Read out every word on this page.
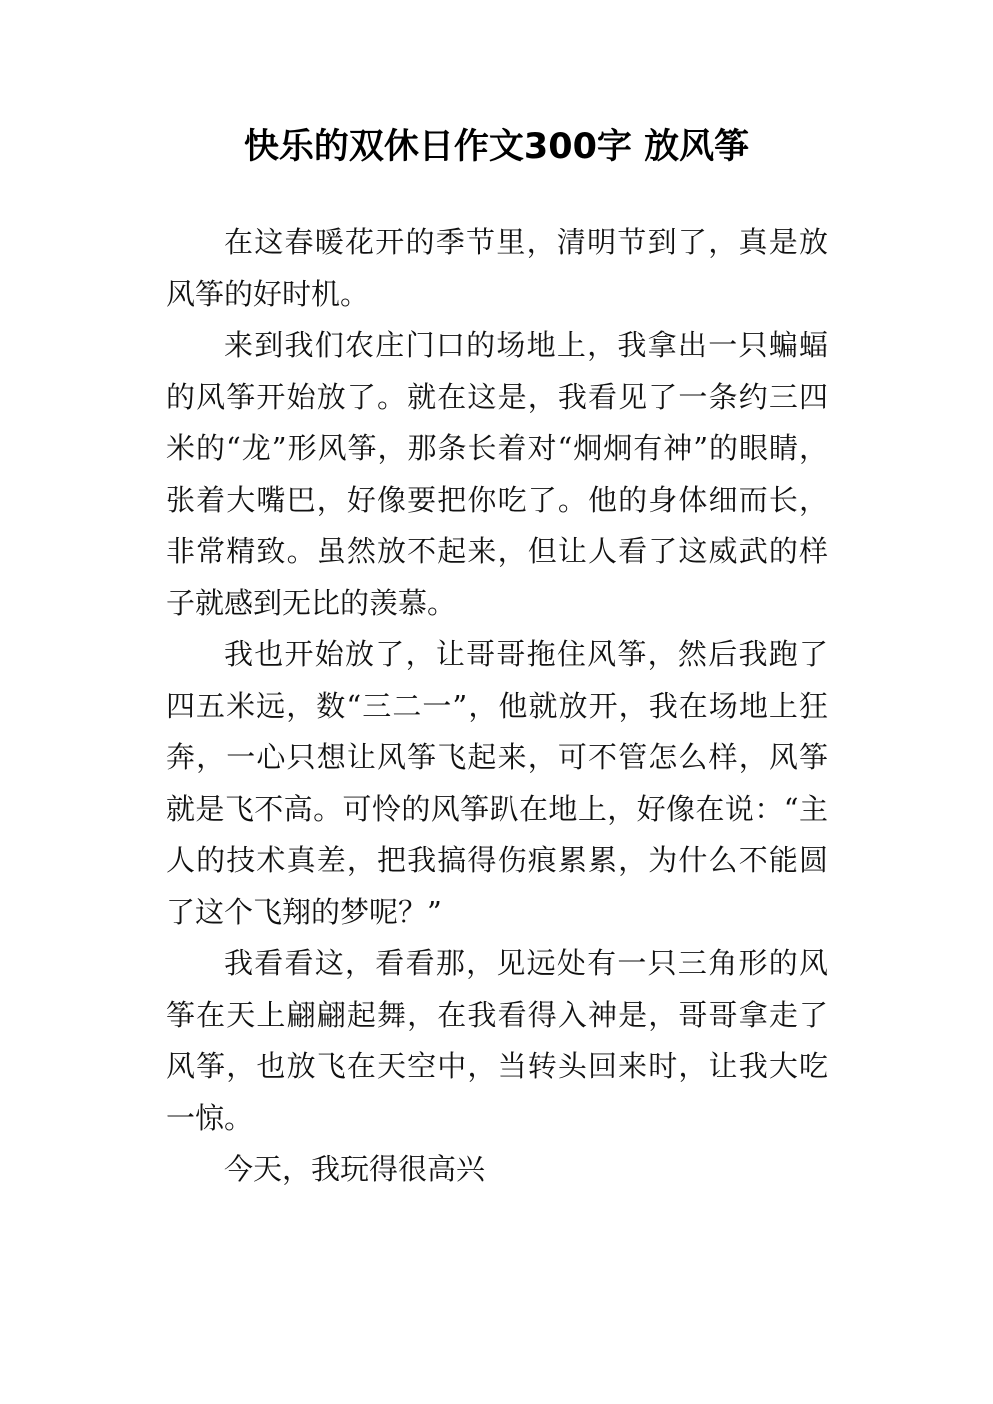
快乐的双休日作文300字 放风筝

在这春暖花开的季节里，清明节到了，真是放风筝的好时机。

来到我们农庄门口的场地上，我拿出一只蝙蝠的风筝开始放了。就在这是，我看见了一条约三四米的“龙”形风筝，那条长着对“炯炯有神”的眼睛，张着大嘴巴，好像要把你吃了。他的身体细而长，非常精致。虽然放不起来，但让人看了这威武的样子就感到无比的羡慕。

我也开始放了，让哥哥拖住风筝，然后我跑了四五米远，数“三二一”，他就放开，我在场地上狂奔，一心只想让风筝飞起来，可不管怎么样，风筝就是飞不高。可怜的风筝趴在地上，好像在说：“主人的技术真差，把我搞得伤痕累累，为什么不能圆了这个飞翔的梦呢？”

我看看这，看看那，见远处有一只三角形的风筝在天上翩翩起舞，在我看得入神是，哥哥拿走了风筝，也放飞在天空中，当转头回来时，让我大吃一惊。

今天，我玩得很高兴
